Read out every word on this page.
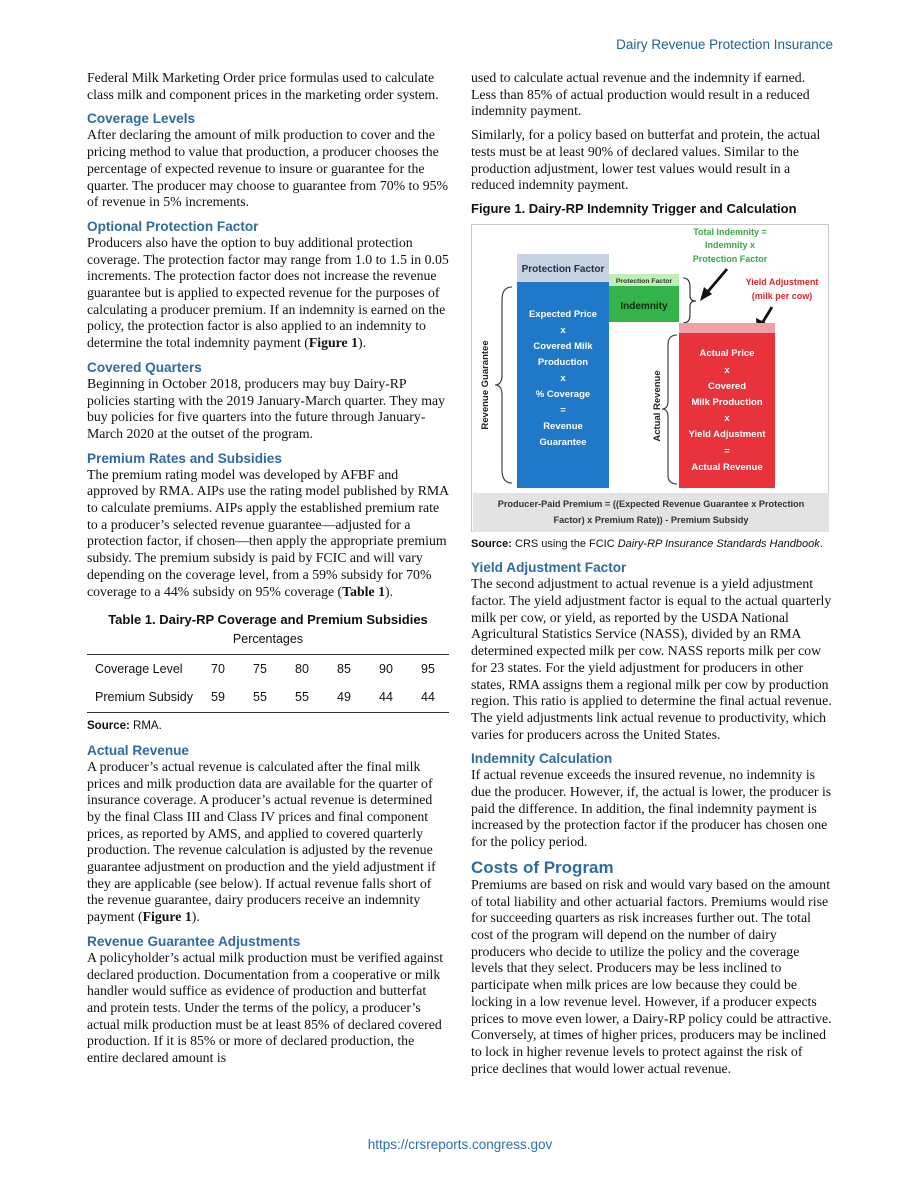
Dairy Revenue Protection Insurance

Federal Milk Marketing Order price formulas used to calculate class milk and component prices in the marketing order system.

Coverage Levels

After declaring the amount of milk production to cover and the pricing method to value that production, a producer chooses the percentage of expected revenue to insure or guarantee for the quarter. The producer may choose to guarantee from 70% to 95% of revenue in 5% increments.

Optional Protection Factor

Producers also have the option to buy additional protection coverage. The protection factor may range from 1.0 to 1.5 in 0.05 increments. The protection factor does not increase the revenue guarantee but is applied to expected revenue for the purposes of calculating a producer premium. If an indemnity is earned on the policy, the protection factor is also applied to an indemnity to determine the total indemnity payment (Figure 1).

Covered Quarters

Beginning in October 2018, producers may buy Dairy-RP policies starting with the 2019 January-March quarter. They may buy policies for five quarters into the future through January-March 2020 at the outset of the program.

Premium Rates and Subsidies

The premium rating model was developed by AFBF and approved by RMA. AIPs use the rating model published by RMA to calculate premiums. AIPs apply the established premium rate to a producer’s selected revenue guarantee—adjusted for a protection factor, if chosen—then apply the appropriate premium subsidy. The premium subsidy is paid by FCIC and will vary depending on the coverage level, from a 59% subsidy for 70% coverage to a 44% subsidy on 95% coverage (Table 1).

Table 1. Dairy-RP Coverage and Premium Subsidies
Percentages
Coverage Level	70	75	80	85	90	95
Premium Subsidy	59	55	55	49	44	44
Source: RMA.
Actual Revenue

A producer’s actual revenue is calculated after the final milk prices and milk production data are available for the quarter of insurance coverage. A producer’s actual revenue is determined by the final Class III and Class IV prices and final component prices, as reported by AMS, and applied to covered quarterly production. The revenue calculation is adjusted by the revenue guarantee adjustment on production and the yield adjustment if they are applicable (see below). If actual revenue falls short of the revenue guarantee, dairy producers receive an indemnity payment (Figure 1).

Revenue Guarantee Adjustments

A policyholder’s actual milk production must be verified against declared production. Documentation from a cooperative or milk handler would suffice as evidence of production and butterfat and protein tests. Under the terms of the policy, a producer’s actual milk production must be at least 85% of declared covered production. If it is 85% or more of declared production, the entire declared amount is

used to calculate actual revenue and the indemnity if earned. Less than 85% of actual production would result in a reduced indemnity payment.

Similarly, for a policy based on butterfat and protein, the actual tests must be at least 90% of declared values. Similar to the production adjustment, lower test values would result in a reduced indemnity payment.

Figure 1. Dairy-RP Indemnity Trigger and Calculation
Protection Factor
Expected Price
x
Covered Milk
Production
x
% Coverage
=
Revenue
Guarantee
Revenue Guarantee
Protection Factor
Indemnity
Total Indemnity =
Indemnity x
Protection Factor
Yield Adjustment
(milk per cow)
Actual Price
x
Covered
Milk Production
x
Yield Adjustment
=
Actual Revenue
Actual Revenue
Producer-Paid Premium = ((Expected Revenue Guarantee x Protection
Factor) x Premium Rate)) - Premium Subsidy
Source: CRS using the FCIC Dairy-RP Insurance Standards Handbook.
Yield Adjustment Factor

The second adjustment to actual revenue is a yield adjustment factor. The yield adjustment factor is equal to the actual quarterly milk per cow, or yield, as reported by the USDA National Agricultural Statistics Service (NASS), divided by an RMA determined expected milk per cow. NASS reports milk per cow for 23 states. For the yield adjustment for producers in other states, RMA assigns them a regional milk per cow by production region. This ratio is applied to determine the final actual revenue. The yield adjustments link actual revenue to productivity, which varies for producers across the United States.

Indemnity Calculation

If actual revenue exceeds the insured revenue, no indemnity is due the producer. However, if, the actual is lower, the producer is paid the difference. In addition, the final indemnity payment is increased by the protection factor if the producer has chosen one for the policy period.

Costs of Program

Premiums are based on risk and would vary based on the amount of total liability and other actuarial factors. Premiums would rise for succeeding quarters as risk increases further out. The total cost of the program will depend on the number of dairy producers who decide to utilize the policy and the coverage levels that they select. Producers may be less inclined to participate when milk prices are low because they could be locking in a low revenue level. However, if a producer expects prices to move even lower, a Dairy-RP policy could be attractive. Conversely, at times of higher prices, producers may be inclined to lock in higher revenue levels to protect against the risk of price declines that would lower actual revenue.

https://crsreports.congress.gov
